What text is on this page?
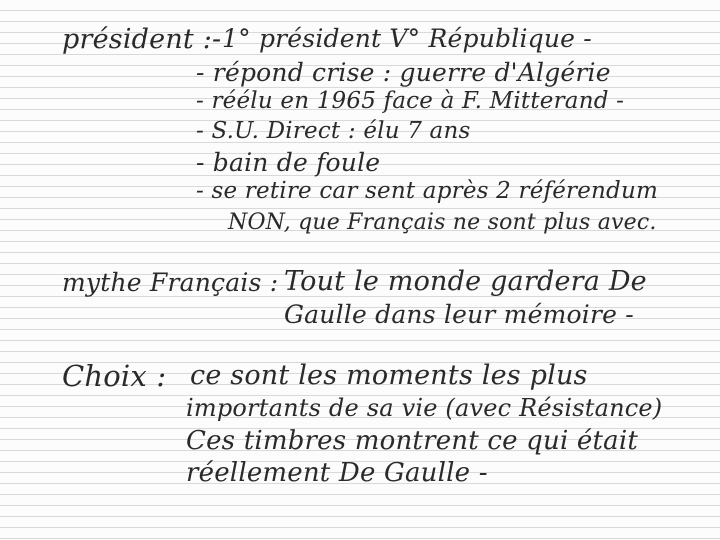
président :- 1° président V° République -
- répond crise : guerre d'Algérie
- réélu en 1965 face à F. Mitterand -
- S.U. Direct : élu 7 ans
- bain de foule
- se retire car sent après 2 référendum
NON, que Français ne sont plus avec.
mythe Français : Tout le monde gardera De
Gaulle dans leur mémoire -
Choix : ce sont les moments les plus
importants de sa vie (avec Résistance)
Ces timbres montrent ce qui était
réellement De Gaulle -
